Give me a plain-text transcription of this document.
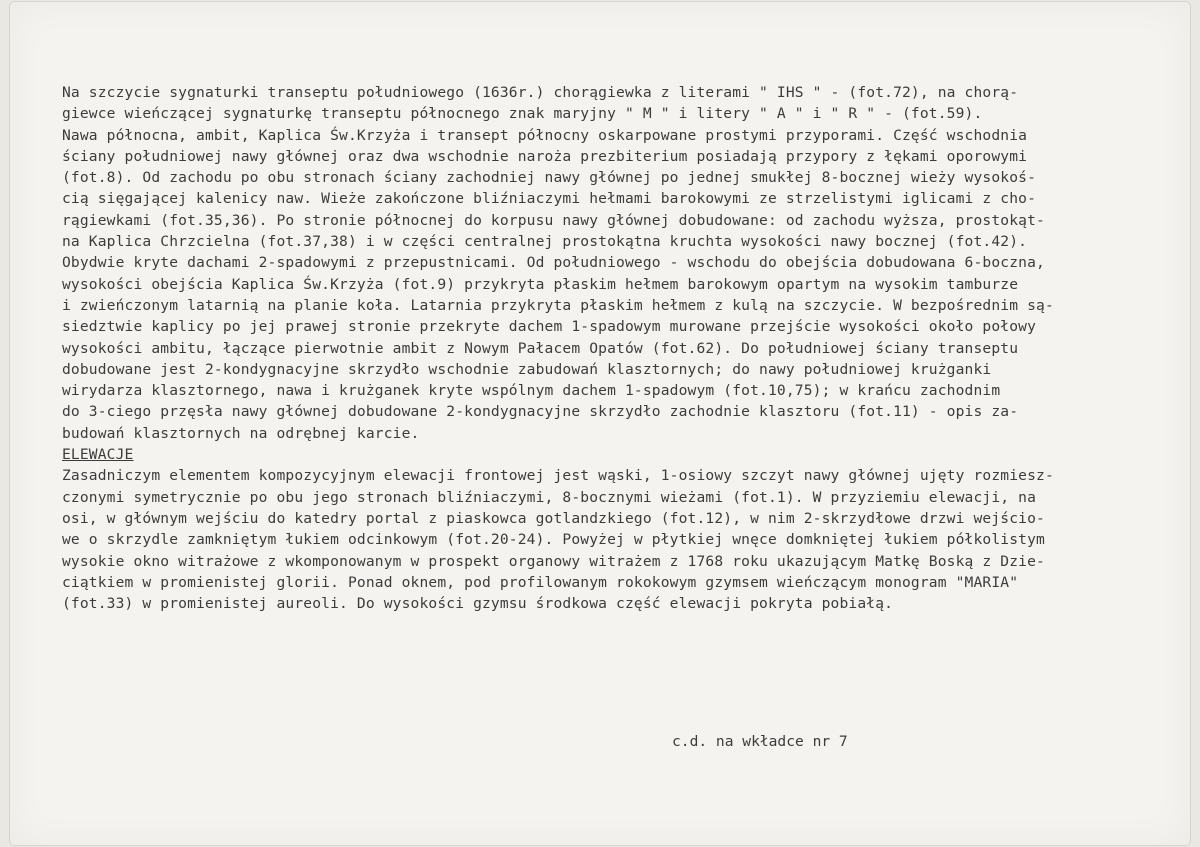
Na szczycie sygnaturki transeptu południowego (1636r.) chorągiewka z literami " IHS " - (fot.72), na chorą-
giewce wieńczącej sygnaturkę transeptu północnego znak maryjny " M " i litery " A " i " R " - (fot.59).
Nawa północna, ambit, Kaplica Św.Krzyża i transept północny oskarpowane prostymi przyporami. Część wschodnia
ściany południowej nawy głównej oraz dwa wschodnie naroża prezbiterium posiadają przypory z łękami oporowymi
(fot.8). Od zachodu po obu stronach ściany zachodniej nawy głównej po jednej smukłej 8-bocznej wieży wysokoś-
cią sięgającej kalenicy naw. Wieże zakończone bliźniaczymi hełmami barokowymi ze strzelistymi iglicami z cho-
rągiewkami (fot.35,36). Po stronie północnej do korpusu nawy głównej dobudowane: od zachodu wyższa, prostokąt-
na Kaplica Chrzcielna (fot.37,38) i w części centralnej prostokątna kruchta wysokości nawy bocznej (fot.42).
Obydwie kryte dachami 2-spadowymi z przepustnicami. Od południowego - wschodu do obejścia dobudowana 6-boczna,
wysokości obejścia Kaplica Św.Krzyża (fot.9) przykryta płaskim hełmem barokowym opartym na wysokim tamburze
i zwieńczonym latarnią na planie koła. Latarnia przykryta płaskim hełmem z kulą na szczycie. W bezpośrednim są-
siedztwie kaplicy po jej prawej stronie przekryte dachem 1-spadowym murowane przejście wysokości około połowy
wysokości ambitu, łączące pierwotnie ambit z Nowym Pałacem Opatów (fot.62). Do południowej ściany transeptu
dobudowane jest 2-kondygnacyjne skrzydło wschodnie zabudowań klasztornych; do nawy południowej krużganki
wirydarza klasztornego, nawa i krużganek kryte wspólnym dachem 1-spadowym (fot.10,75); w krańcu zachodnim
do 3-ciego przęsła nawy głównej dobudowane 2-kondygnacyjne skrzydło zachodnie klasztoru (fot.11) - opis za-
budowań klasztornych na odrębnej karcie.
ELEWACJE
Zasadniczym elementem kompozycyjnym elewacji frontowej jest wąski, 1-osiowy szczyt nawy głównej ujęty rozmiesz-
czonymi symetrycznie po obu jego stronach bliźniaczymi, 8-bocznymi wieżami (fot.1). W przyziemiu elewacji, na
osi, w głównym wejściu do katedry portal z piaskowca gotlandzkiego (fot.12), w nim 2-skrzydłowe drzwi wejścio-
we o skrzydle zamkniętym łukiem odcinkowym (fot.20-24). Powyżej w płytkiej wnęce domkniętej łukiem półkolistym
wysokie okno witrażowe z wkomponowanym w prospekt organowy witrażem z 1768 roku ukazującym Matkę Boską z Dzie-
ciątkiem w promienistej glorii. Ponad oknem, pod profilowanym rokokowym gzymsem wieńczącym monogram "MARIA"
(fot.33) w promienistej aureoli. Do wysokości gzymsu środkowa część elewacji pokryta pobiałą.
c.d. na wkładce nr 7
